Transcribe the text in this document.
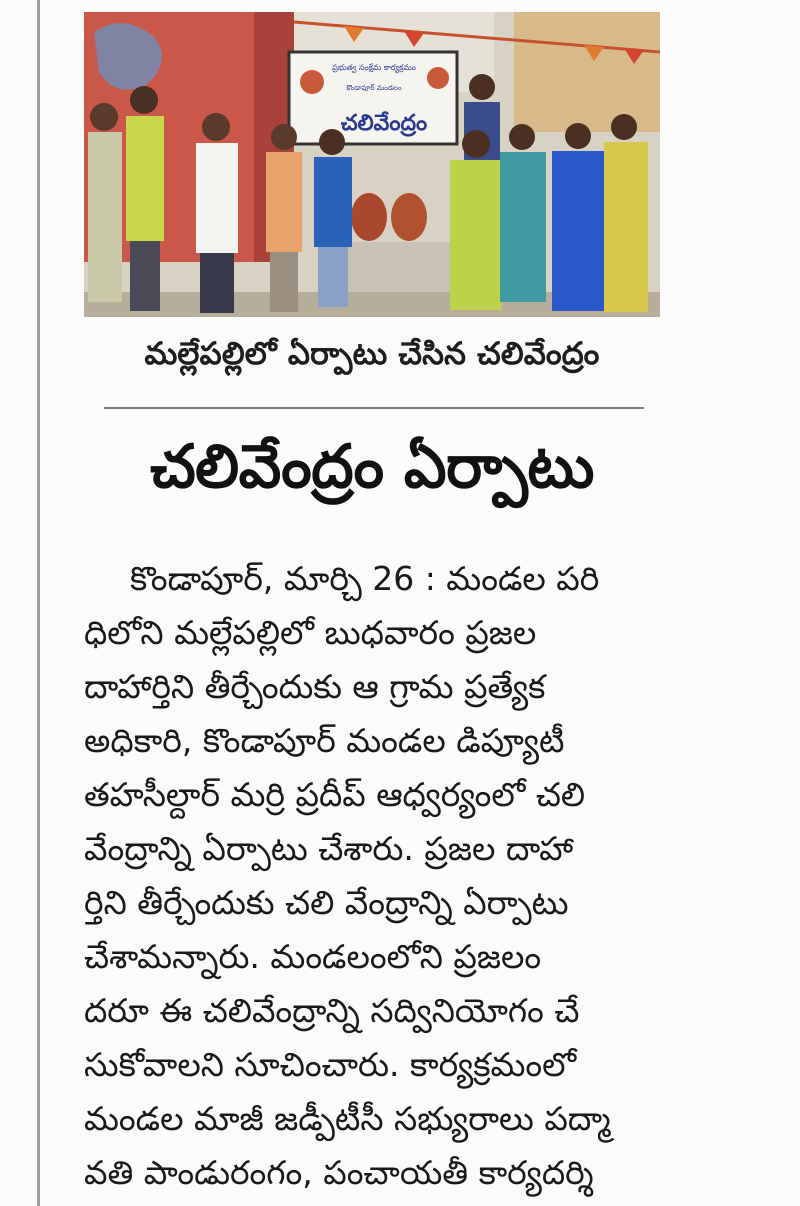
ప్రభుత్వ సంక్షేమ కార్యక్రమం
కొండాపూర్ మండలం
చలివేంద్రం
మల్లేపల్లిలో ఏర్పాటు చేసిన చలివేంద్రం
చలివేంద్రం ఏర్పాటు
కొండాపూర్, మార్చి 26 : మండల పరి
ధిలోని మల్లేపల్లిలో బుధవారం ప్రజల
దాహార్తిని తీర్చేందుకు ఆ గ్రామ ప్రత్యేక
అధికారి, కొండాపూర్ మండల డిప్యూటీ
తహసీల్దార్ మర్రి ప్రదీప్ ఆధ్వర్యంలో చలి
వేంద్రాన్ని ఏర్పాటు చేశారు. ప్రజల దాహా
ర్తిని తీర్చేందుకు చలి వేంద్రాన్ని ఏర్పాటు
చేశామన్నారు. మండలంలోని ప్రజలం
దరూ ఈ చలివేంద్రాన్ని సద్వినియోగం చే
సుకోవాలని సూచించారు. కార్యక్రమంలో
మండల మాజీ జడ్పీటీసీ సభ్యురాలు పద్మా
వతి పాండురంగం, పంచాయతీ కార్యదర్శి
